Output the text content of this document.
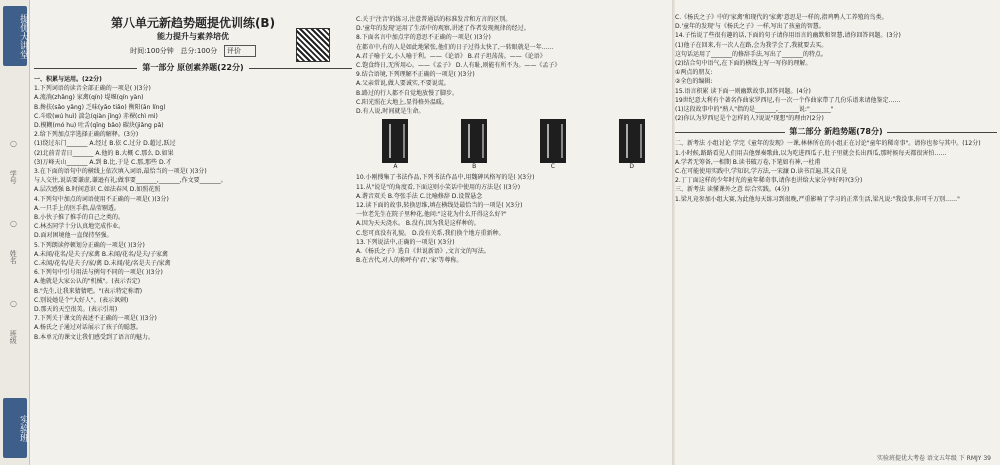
提优大讲堂
○
学号
○
姓名
○
班级
实验班
第八单元新趋势题提优训练(B)
能力提升与素养培优
时间:100分钟 总分:100分 评价
第一部分 原创素养题(22分)

一、积累与运用。(22分)

1.下列词语的读音全部正确的一项是( )(3分)

A.流淌(zhǎng) 家禽(qín) 堤堰(qín yàn)

B.搀扶(sǎo yǎng) 乏味(yǎo tiǎo) 衡阳(ān líng)

C.斗殴(wú huì) 湍急(qiàn jǐng) 赤裸(chì mì)

D.模糊(mó hu) 吐舌(qīng bǎo) 碳块(jiǎng pǎ)

2.给下列加点字选择正确的解释。(3分)

(1)绕过东门_______ A.经过 B.依 C.过分 D.超过,跃过

(2)北前青青日_______ A.他的 B.大概 C.那么 D.如果

(3)万峰天山_______ A.到 B.比,于是 C.那,那些 D.才

3.在下面的语句中的横线上依次填入词语,最恰当的一项是( )(3分)

与人交往,说话要谦虚,谦逊有礼;做事要_______,_______,作文要_______。

A.层次感强 B.时间意识 C.如法春风 D.如照花照

4.下列句中加点的词语使用不正确的一项是( )(3分)

A.一只手上的医手指,晶莹剔透。

B.小伙子推了推手的自己之类的。

C.林杰同学十分认真地完成作业。

D.面对困境他一直保持坚强。

5.下列朗读停顿划分正确的一项是( )(3分)

A.未闻/花名/是夫子/家禽 B.未闻/花名/是夫/子家禽

C.未闻/花名/是夫子/家/禽 D.未闻/花/名是夫子/家禽

6.下列句中引号用法与例句不同的一项是( )(3分)

A.他就是大家公认的"机械"。(表示否定)

B."先生,让我来猜猜吧。"(表示特定称谓)

C.别说她是个"大好人"。(表示讽刺)

D.那天的天空很美。(表示引用)

7.下列关于课文的表述不正确的一项是( )(3分)

A.杨氏之子通过对话展示了孩子的聪慧。

B.本单元的课文让我们感受到了语言的魅力。

C.关于'注音'的练习,注意普通话的标准发音和方言的区别。

D.'童年的发现'运用了生活中的观察,讲述了作者发现规律的经过。

8.下面名言中加点字的意思不正确的一项是( )(3分)

在都市中,有的人是如此地紧张,他们的日子过得太快了,一转眼就是一年……

A.君子喻于义,小人喻于利。——《论语》 B.君子坦荡荡。——《论语》

C.饱食终日,无所用心。——《孟子》 D.人有耻,则能有所不为。——《孟子》

9.结合语境,下列理解不正确的一项是( )(3分)

A.父亲常说,做人要诚实,不要说谎。

B.路过的行人都不自觉地放慢了脚步。

C.阳光照在大地上,显得格外温暖。

D.有人说,时间就是生命。

A	B	C	D

10.小刚搜集了书法作品,下列书法作品中,用魏碑风格写的是( )(3分)

11.从"说是"的角度看,下面这则小笑话中使用的方法是( )(3分)

A.谐音双关 B.夸张手法 C.比喻修辞 D.设置悬念

12.读下面的故事,转换思维,填在横线处最恰当的一项是( )(3分)

一位老先生在院子里种花,他问:"这花为什么开得这么好?"

A.因为天天浇水。 B.没有,因为我是这样种的。

C.您可真没有礼貌。 D.没有关系,我们换个地方重新种。

13.下列说法中,正确的一项是( )(3分)

A.《杨氏之子》选自《世说新语》,文言文的写法。

B.在古代,对人的称呼有'君','家'等尊称。

C.《杨氏之子》中的'家禽'和现代的'家禽'意思是一样的,指鸡鸭人工养殖的鸟类。

D.'童年的发现'与《杨氏之子》一样,写出了孩童的智慧。

14.子怡说了些很有趣的话,下面的句子请你用语言的幽默和智慧,请你回答问题。(3分)

(1)他子在回来,有一次人在路,会为我学会了,我就要去买。

这句话运用了_______的修辞手法,写出了_______的特点。

(2)结合句中语气,在下面的横线上写一写你的理解。

①两点的朋友:

②全色的编辑:

15.语言积累 读下面一则幽默故事,回答问题。(4分)

19世纪意大利有个著名作曲家罗西尼,有一次一个作曲家带了几份乐谱来请他鉴定……

(1)这段故事中的"熟人"指的是_______,_______说:"_______"

(2)你认为罗西尼是个怎样的人?说说"现想"的理由?(2分)

第二部分 新趋势题(78分)

二、新考法 小组讨论 学完《童年的发现》一课,林林所在的小组正在讨论"童年的稀奇事"。请你也参与其中。(12分)

1.小时候,路路看见人们用吉他弹奏歌曲,以为吃进西瓜子,肚子里就会长出西瓜,那时候每天都很害怕……

A.学者无筹备,一相期 B.读书破万卷,下笔如有神,一杜甫

C.在可能使用实践中,学知识,学方法,一宋濂 D.读书百遍,其义自见

2.丁丁面这样的少年时光的童年稀奇事,请你也讲给大家分享好吗?(3分)

三、新考法 读懂课外之意 综合实践。(4分)

1.梁凡竟参加小组大赛,为此他每天练习到很晚,严重影响了学习的正常生活,梁凡说:"我没事,你可千万别……"

实验班提优大考卷 语文五年级 下 RMJY 39
